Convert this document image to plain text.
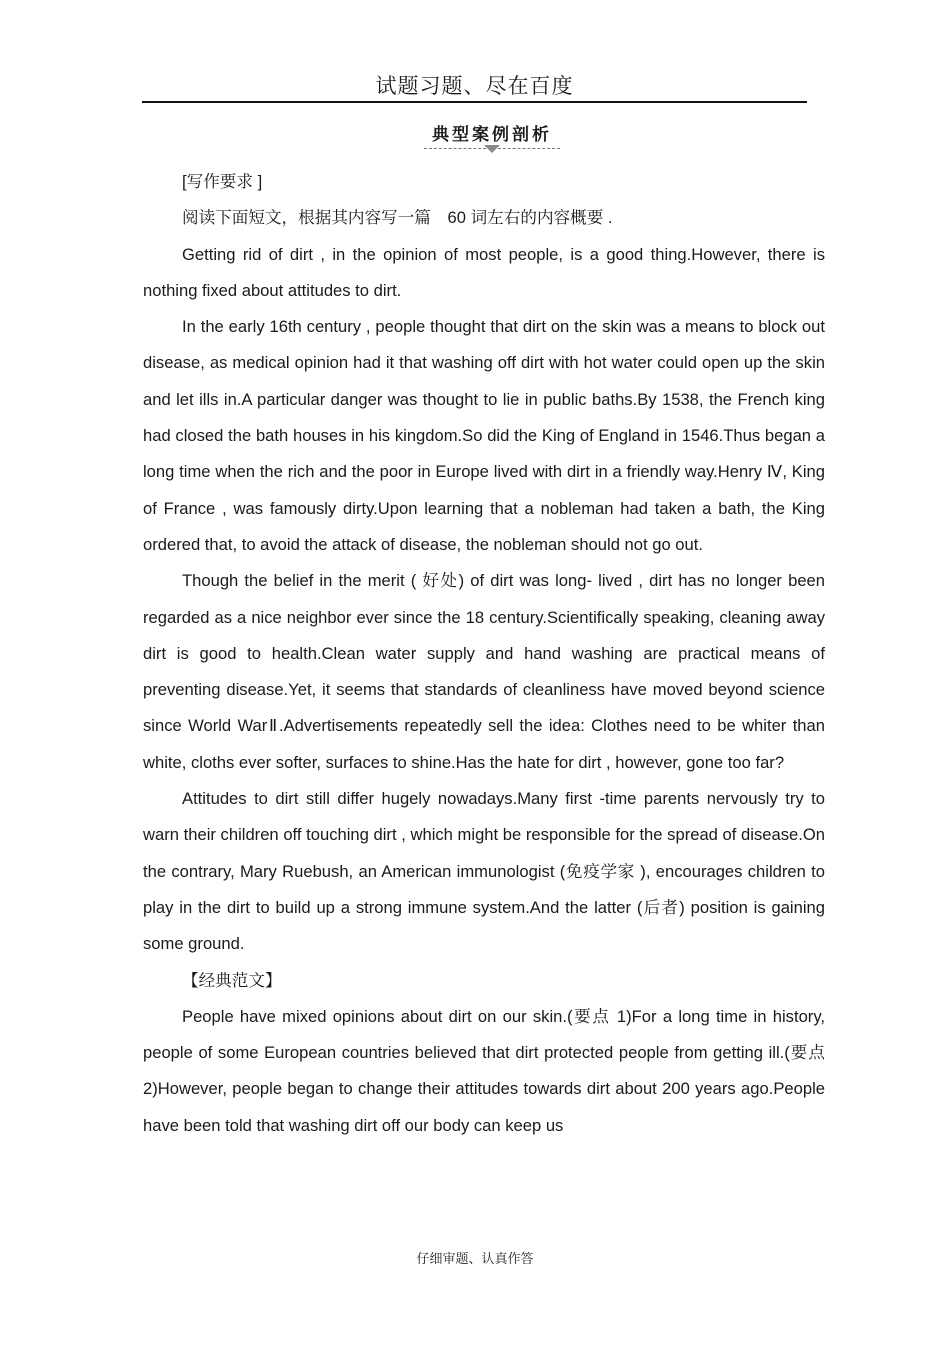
试题习题、尽在百度
典型案例剖析

[写作要求 ]

阅读下面短文，根据其内容写一篇　60 词左右的内容概要 .

Getting rid of dirt , in the opinion of most people, is a good thing.However, there is nothing fixed about attitudes to dirt.

In the early 16th century , people thought that dirt on the skin was a means to block out disease, as medical opinion had it that washing off dirt with hot water could open up the skin and let ills in.A particular danger was thought to lie in public baths.By 1538, the French king had closed the bath houses in his kingdom.So did the King of England in 1546.Thus began a long time when the rich and the poor in Europe lived with dirt in a friendly way.Henry Ⅳ, King of France , was famously dirty.Upon learning that a nobleman had taken a bath, the King ordered that, to avoid the attack of disease, the nobleman should not go out.

Though the belief in the merit ( 好处) of dirt was long- lived , dirt has no longer been regarded as a nice neighbor ever since the 18 century.Scientifically speaking, cleaning away dirt is good to health.Clean water supply and hand washing are practical means of preventing disease.Yet, it seems that standards of cleanliness have moved beyond science since World WarⅡ.Advertisements repeatedly sell the idea: Clothes need to be whiter than white, cloths ever softer, surfaces to shine.Has the hate for dirt , however, gone too far?

Attitudes to dirt still differ hugely nowadays.Many first -time parents nervously try to warn their children off touching dirt , which might be responsible for the spread of disease.On the contrary, Mary Ruebush, an American immunologist (免疫学家 ), encourages children to play in the dirt to build up a strong immune system.And the latter (后者) position is gaining some ground.

【经典范文】

People have mixed opinions about dirt on our skin.(要点 1)For a long time in history, people of some European countries believed that dirt protected people from getting ill.(要点 2)However, people began to change their attitudes towards dirt about 200 years ago.People have been told that washing dirt off our body can keep us

仔细审题、认真作答
